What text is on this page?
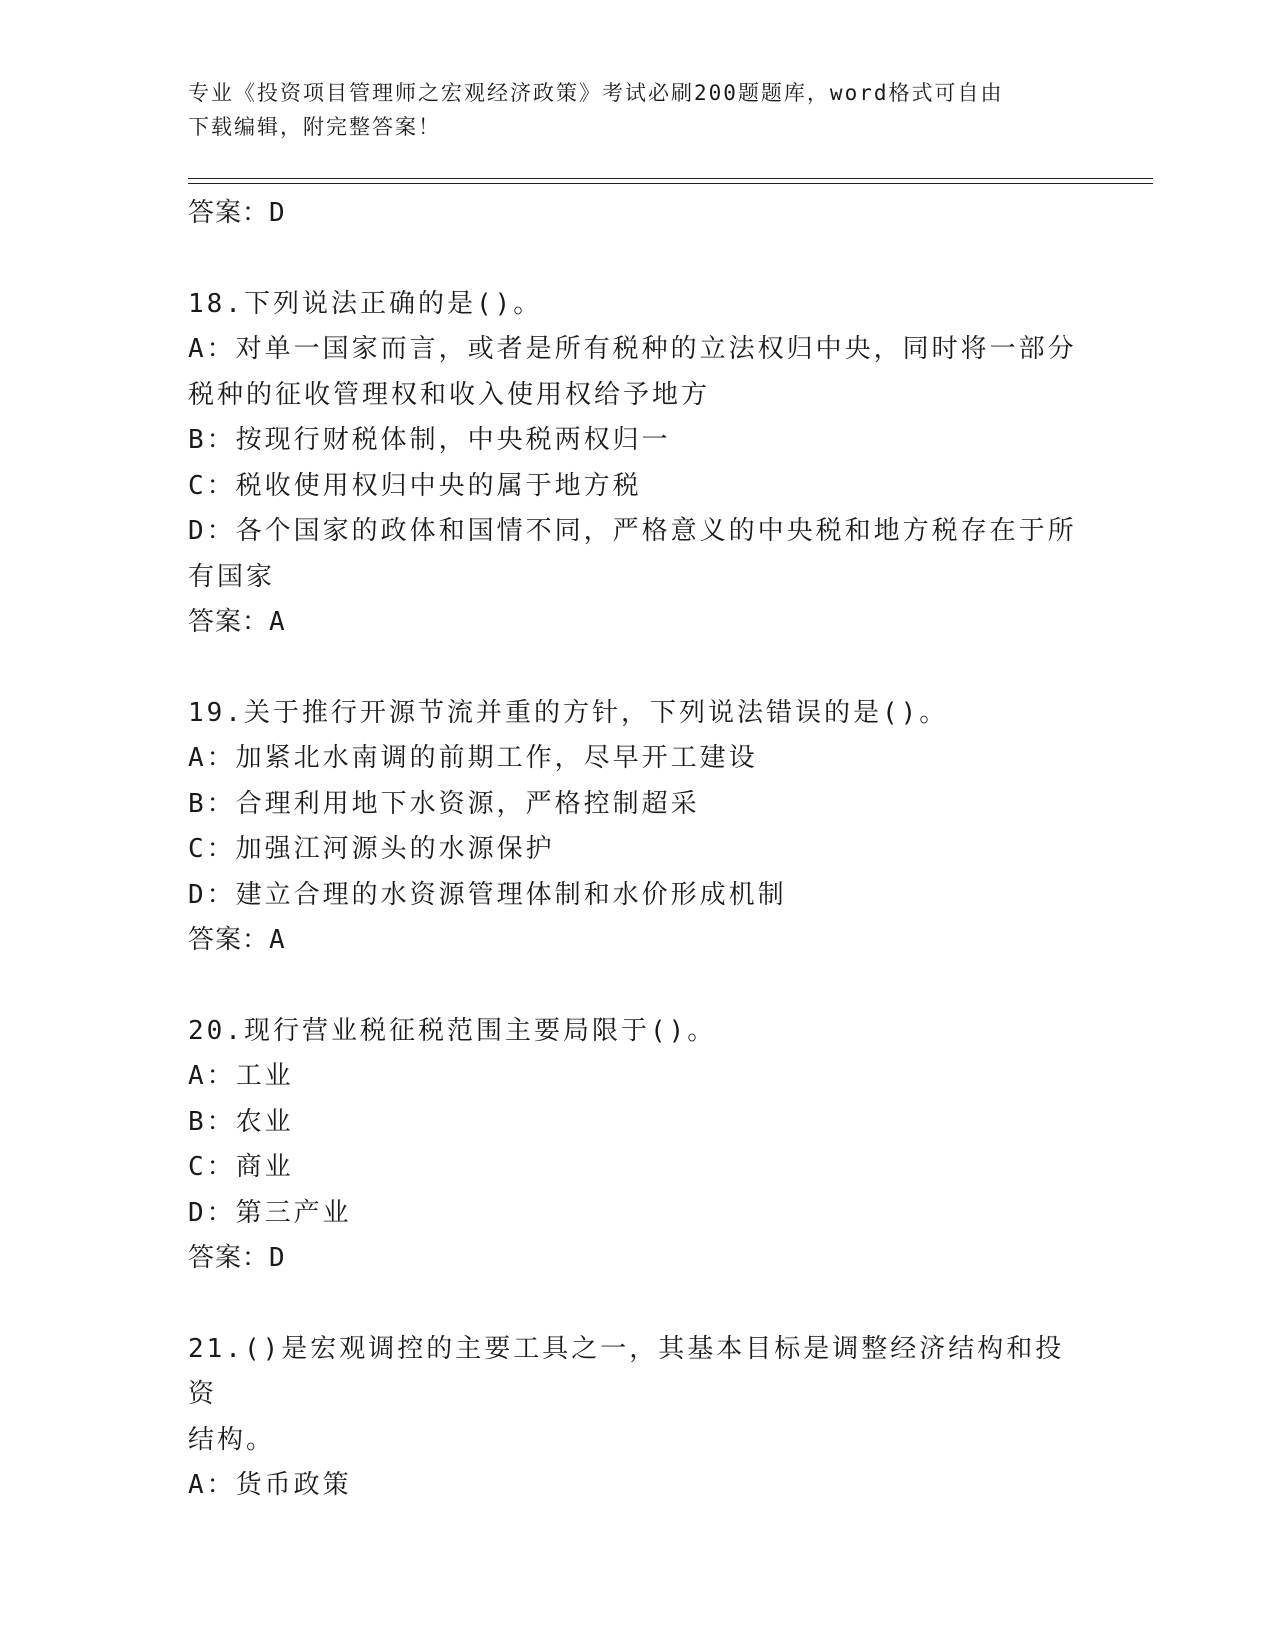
专业《投资项目管理师之宏观经济政策》考试必刷200题题库，word格式可自由
下载编辑，附完整答案！
答案：D
18.下列说法正确的是()。
A：对单一国家而言，或者是所有税种的立法权归中央，同时将一部分
税种的征收管理权和收入使用权给予地方
B：按现行财税体制，中央税两权归一
C：税收使用权归中央的属于地方税
D：各个国家的政体和国情不同，严格意义的中央税和地方税存在于所
有国家
答案：A
19.关于推行开源节流并重的方针，下列说法错误的是()。
A：加紧北水南调的前期工作，尽早开工建设
B：合理利用地下水资源，严格控制超采
C：加强江河源头的水源保护
D：建立合理的水资源管理体制和水价形成机制
答案：A
20.现行营业税征税范围主要局限于()。
A：工业
B：农业
C：商业
D：第三产业
答案：D
21.()是宏观调控的主要工具之一，其基本目标是调整经济结构和投资
结构。
A：货币政策
